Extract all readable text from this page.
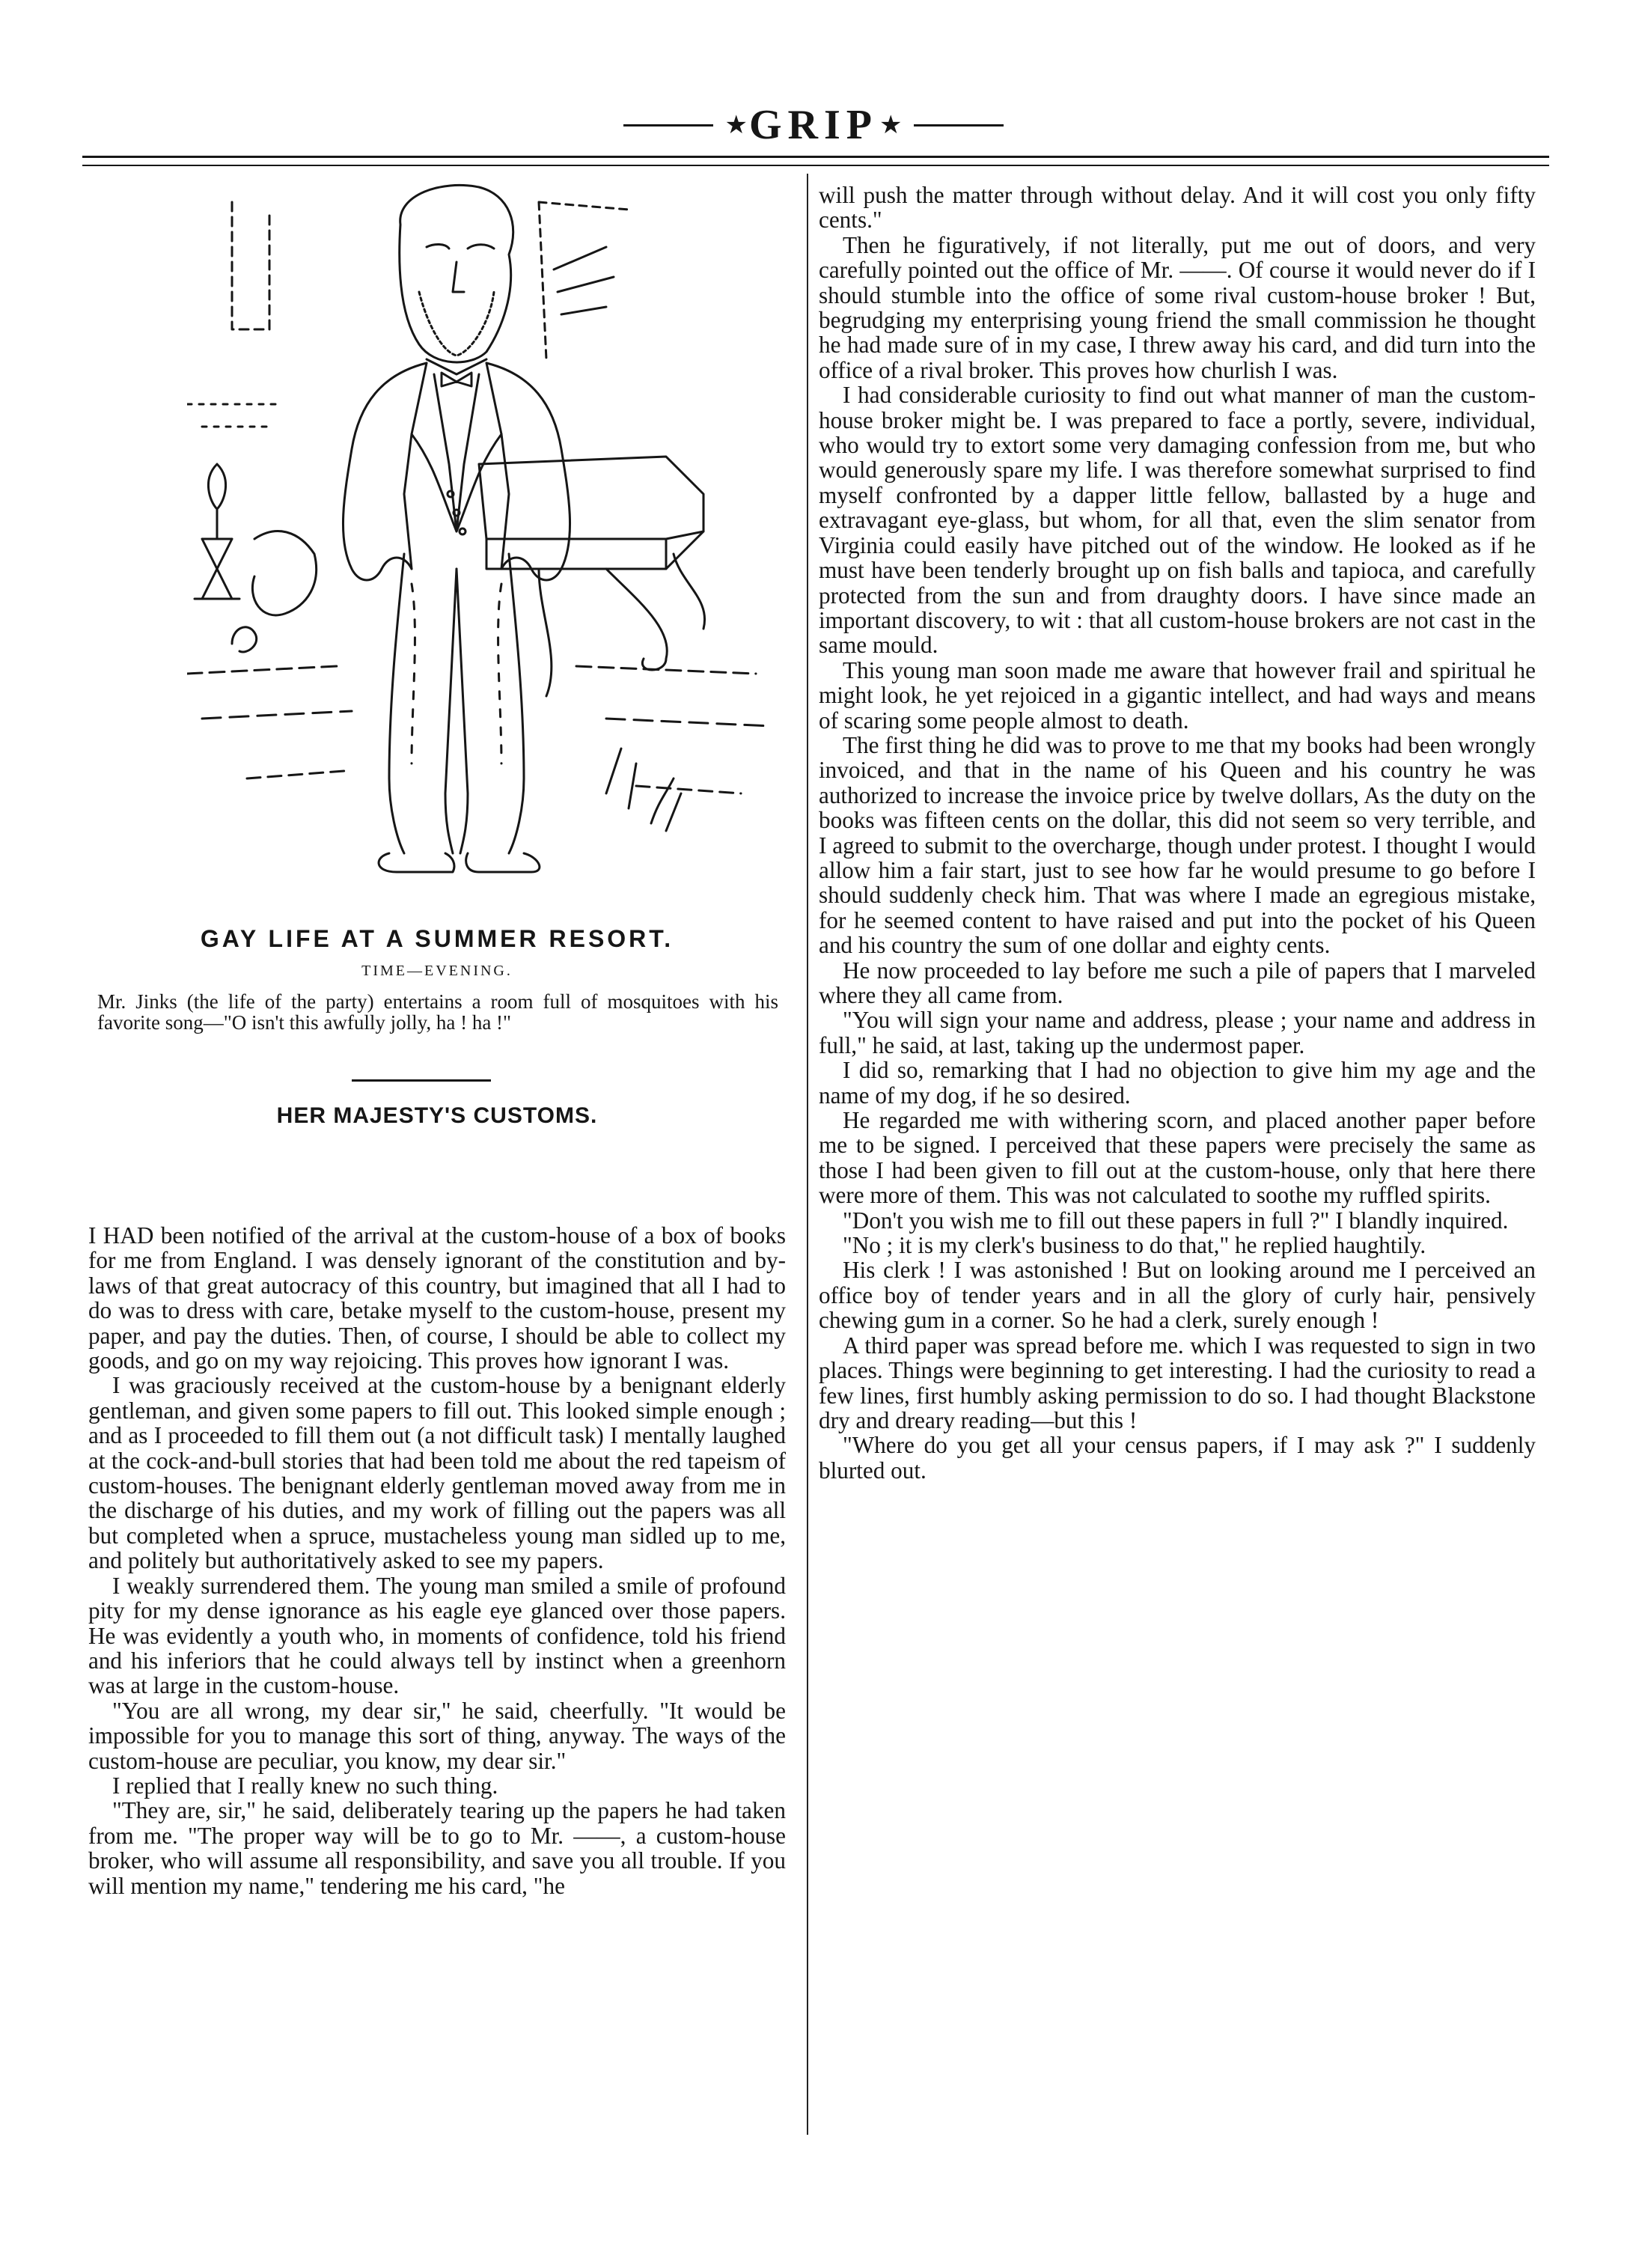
★ GRIP ★
GAY LIFE AT A SUMMER RESORT.
TIME—EVENING.
Mr. Jinks (the life of the party) entertains a room full of mosquitoes with his favorite song—"O isn't this awfully jolly, ha ! ha !"
HER MAJESTY'S CUSTOMS.

I HAD been notified of the arrival at the custom-house of a box of books for me from England. I was densely ignorant of the constitution and by-laws of that great autocracy of this country, but imagined that all I had to do was to dress with care, betake myself to the custom-house, present my paper, and pay the duties. Then, of course, I should be able to collect my goods, and go on my way rejoicing. This proves how ignorant I was.

I was graciously received at the custom-house by a benignant elderly gentleman, and given some papers to fill out. This looked simple enough ; and as I proceeded to fill them out (a not difficult task) I mentally laughed at the cock-and-bull stories that had been told me about the red tapeism of custom-houses. The benignant elderly gentleman moved away from me in the discharge of his duties, and my work of filling out the papers was all but completed when a spruce, mustacheless young man sidled up to me, and politely but authoritatively asked to see my papers.

I weakly surrendered them. The young man smiled a smile of profound pity for my dense ignorance as his eagle eye glanced over those papers. He was evidently a youth who, in moments of confidence, told his friend and his inferiors that he could always tell by instinct when a greenhorn was at large in the custom-house.

"You are all wrong, my dear sir," he said, cheerfully. "It would be impossible for you to manage this sort of thing, anyway. The ways of the custom-house are peculiar, you know, my dear sir."

I replied that I really knew no such thing.

"They are, sir," he said, deliberately tearing up the papers he had taken from me. "The proper way will be to go to Mr. ——, a custom-house broker, who will assume all responsibility, and save you all trouble. If you will mention my name," tendering me his card, "he

will push the matter through without delay. And it will cost you only fifty cents."

Then he figuratively, if not literally, put me out of doors, and very carefully pointed out the office of Mr. ——. Of course it would never do if I should stumble into the office of some rival custom-house broker ! But, begrudging my enterprising young friend the small commission he thought he had made sure of in my case, I threw away his card, and did turn into the office of a rival broker. This proves how churlish I was.

I had considerable curiosity to find out what manner of man the custom-house broker might be. I was prepared to face a portly, severe, individual, who would try to extort some very damaging confession from me, but who would generously spare my life. I was therefore somewhat surprised to find myself confronted by a dapper little fellow, ballasted by a huge and extravagant eye-glass, but whom, for all that, even the slim senator from Virginia could easily have pitched out of the window. He looked as if he must have been tenderly brought up on fish balls and tapioca, and carefully protected from the sun and from draughty doors. I have since made an important discovery, to wit : that all custom-house brokers are not cast in the same mould.

This young man soon made me aware that however frail and spiritual he might look, he yet rejoiced in a gigantic intellect, and had ways and means of scaring some people almost to death.

The first thing he did was to prove to me that my books had been wrongly invoiced, and that in the name of his Queen and his country he was authorized to increase the invoice price by twelve dollars, As the duty on the books was fifteen cents on the dollar, this did not seem so very terrible, and I agreed to submit to the overcharge, though under protest. I thought I would allow him a fair start, just to see how far he would presume to go before I should suddenly check him. That was where I made an egregious mistake, for he seemed content to have raised and put into the pocket of his Queen and his country the sum of one dollar and eighty cents.

He now proceeded to lay before me such a pile of papers that I marveled where they all came from.

"You will sign your name and address, please ; your name and address in full," he said, at last, taking up the undermost paper.

I did so, remarking that I had no objection to give him my age and the name of my dog, if he so desired.

He regarded me with withering scorn, and placed another paper before me to be signed. I perceived that these papers were precisely the same as those I had been given to fill out at the custom-house, only that here there were more of them. This was not calculated to soothe my ruffled spirits.

"Don't you wish me to fill out these papers in full ?" I blandly inquired.

"No ; it is my clerk's business to do that," he replied haughtily.

His clerk ! I was astonished ! But on looking around me I perceived an office boy of tender years and in all the glory of curly hair, pensively chewing gum in a corner. So he had a clerk, surely enough !

A third paper was spread before me. which I was requested to sign in two places. Things were beginning to get interesting. I had the curiosity to read a few lines, first humbly asking permission to do so. I had thought Blackstone dry and dreary reading—but this !

"Where do you get all your census papers, if I may ask ?" I suddenly blurted out.
